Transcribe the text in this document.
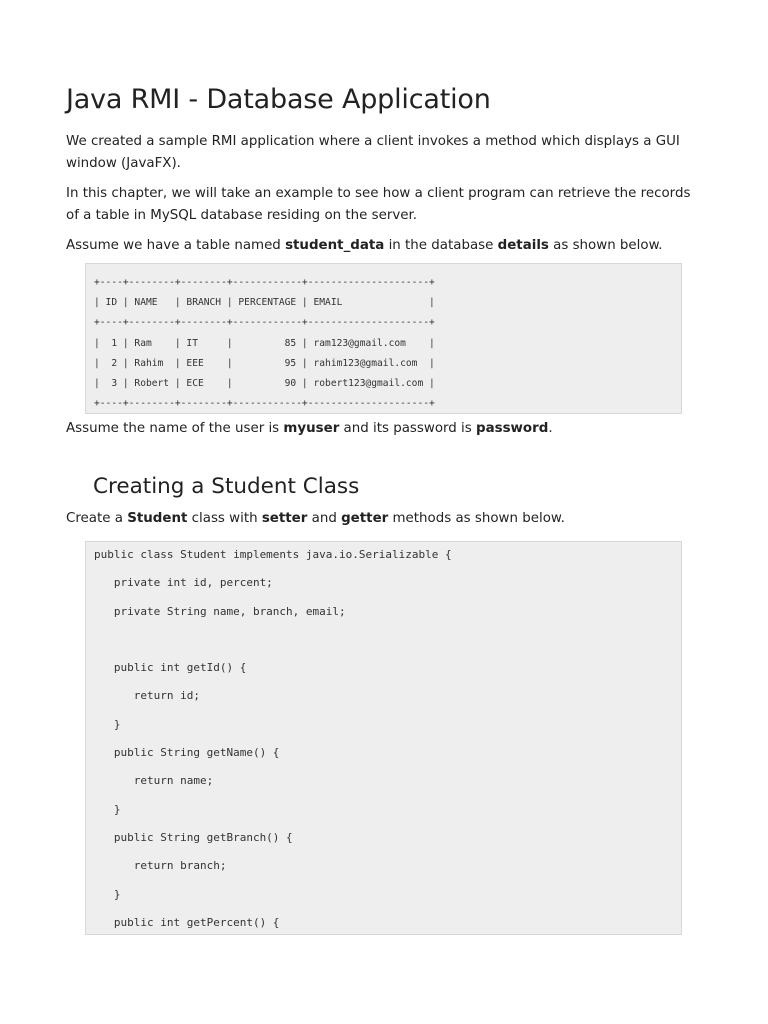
Java RMI - Database Application

We created a sample RMI application where a client invokes a method which displays a GUI window (JavaFX).

In this chapter, we will take an example to see how a client program can retrieve the records of a table in MySQL database residing on the server.

Assume we have a table named student_data in the database details as shown below.

+----+--------+--------+------------+---------------------+
| ID | NAME   | BRANCH | PERCENTAGE | EMAIL               |
+----+--------+--------+------------+---------------------+
|  1 | Ram    | IT     |         85 | ram123@gmail.com    |
|  2 | Rahim  | EEE    |         95 | rahim123@gmail.com  |
|  3 | Robert | ECE    |         90 | robert123@gmail.com |
+----+--------+--------+------------+---------------------+

Assume the name of the user is myuser and its password is password.

Creating a Student Class

Create a Student class with setter and getter methods as shown below.

public class Student implements java.io.Serializable {
private int id, percent;
private String name, branch, email;

public int getId() {
return id;
}
public String getName() {
return name;
}
public String getBranch() {
return branch;
}
public int getPercent() {
